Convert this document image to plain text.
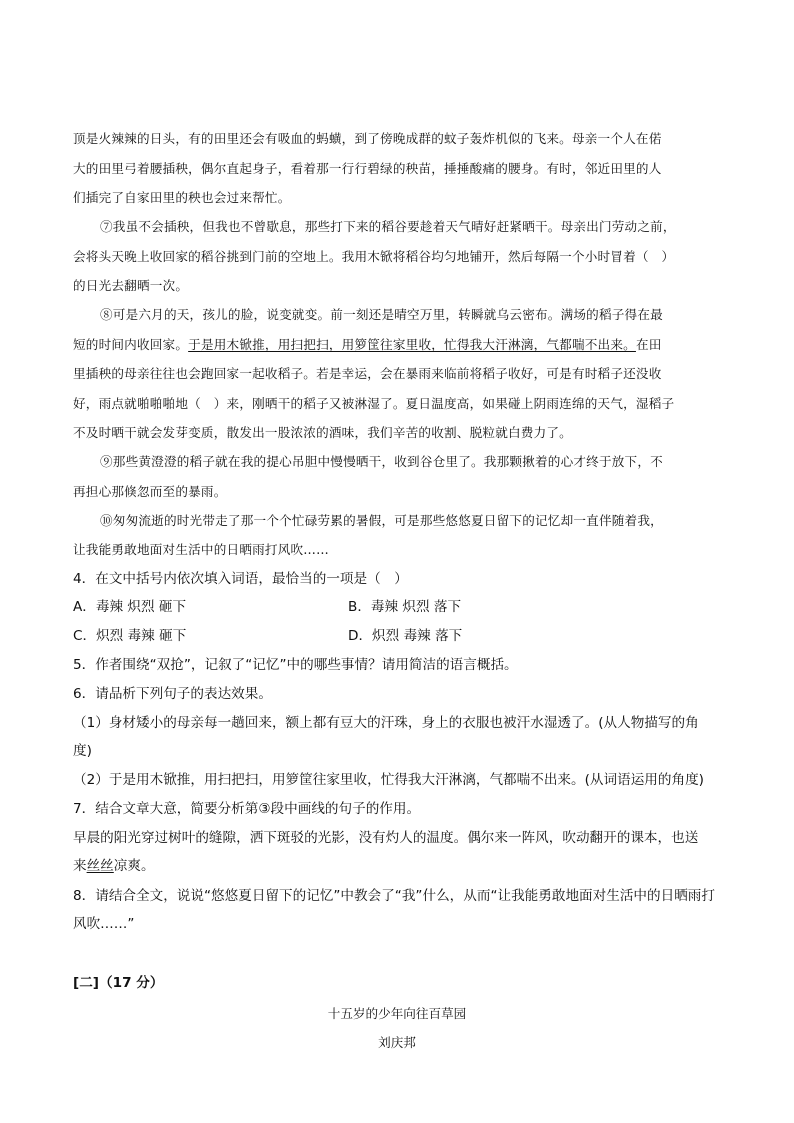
顶是火辣辣的日头，有的田里还会有吸血的蚂蟥，到了傍晚成群的蚊子轰炸机似的飞来。母亲一个人在偌

大的田里弓着腰插秧，偶尔直起身子，看着那一行行碧绿的秧苗，捶捶酸痛的腰身。有时，邻近田里的人

们插完了自家田里的秧也会过来帮忙。

⑦我虽不会插秧，但我也不曾歇息，那些打下来的稻谷要趁着天气晴好赶紧晒干。母亲出门劳动之前，

会将头天晚上收回家的稻谷挑到门前的空地上。我用木锨将稻谷均匀地铺开，然后每隔一个小时冒着（　）

的日光去翻晒一次。

⑧可是六月的天，孩儿的脸，说变就变。前一刻还是晴空万里，转瞬就乌云密布。满场的稻子得在最

短的时间内收回家。于是用木锨推，用扫把扫，用箩筐往家里收，忙得我大汗淋漓，气都喘不出来。在田

里插秧的母亲往往也会跑回家一起收稻子。若是幸运，会在暴雨来临前将稻子收好，可是有时稻子还没收

好，雨点就啪啪啪地（　）来，刚晒干的稻子又被淋湿了。夏日温度高，如果碰上阴雨连绵的天气，湿稻子

不及时晒干就会发芽变质，散发出一股浓浓的酒味，我们辛苦的收割、脱粒就白费力了。

⑨那些黄澄澄的稻子就在我的提心吊胆中慢慢晒干，收到谷仓里了。我那颗揪着的心才终于放下，不

再担心那倏忽而至的暴雨。

⑩匆匆流逝的时光带走了那一个个忙碌劳累的暑假，可是那些悠悠夏日留下的记忆却一直伴随着我，

让我能勇敢地面对生活中的日晒雨打风吹……

4．在文中括号内依次填入词语，最恰当的一项是（　）

A．毒辣 炽烈 砸下	B．毒辣 炽烈 落下

C．炽烈 毒辣 砸下	D．炽烈 毒辣 落下

5．作者围绕“双抢”，记叙了“记忆”中的哪些事情？请用简洁的语言概括。

6．请品析下列句子的表达效果。

（1）身材矮小的母亲每一趟回来，额上都有豆大的汗珠，身上的衣服也被汗水湿透了。(从人物描写的角

度)

（2）于是用木锨推，用扫把扫，用箩筐往家里收，忙得我大汗淋漓，气都喘不出来。(从词语运用的角度)

7．结合文章大意，简要分析第③段中画线的句子的作用。

早晨的阳光穿过树叶的缝隙，洒下斑驳的光影，没有灼人的温度。偶尔来一阵风，吹动翻开的课本，也送

来丝丝凉爽。

8．请结合全文，说说“悠悠夏日留下的记忆”中教会了“我”什么，从而“让我能勇敢地面对生活中的日晒雨打

风吹……”

[二]（17 分）

十五岁的少年向往百草园

刘庆邦
